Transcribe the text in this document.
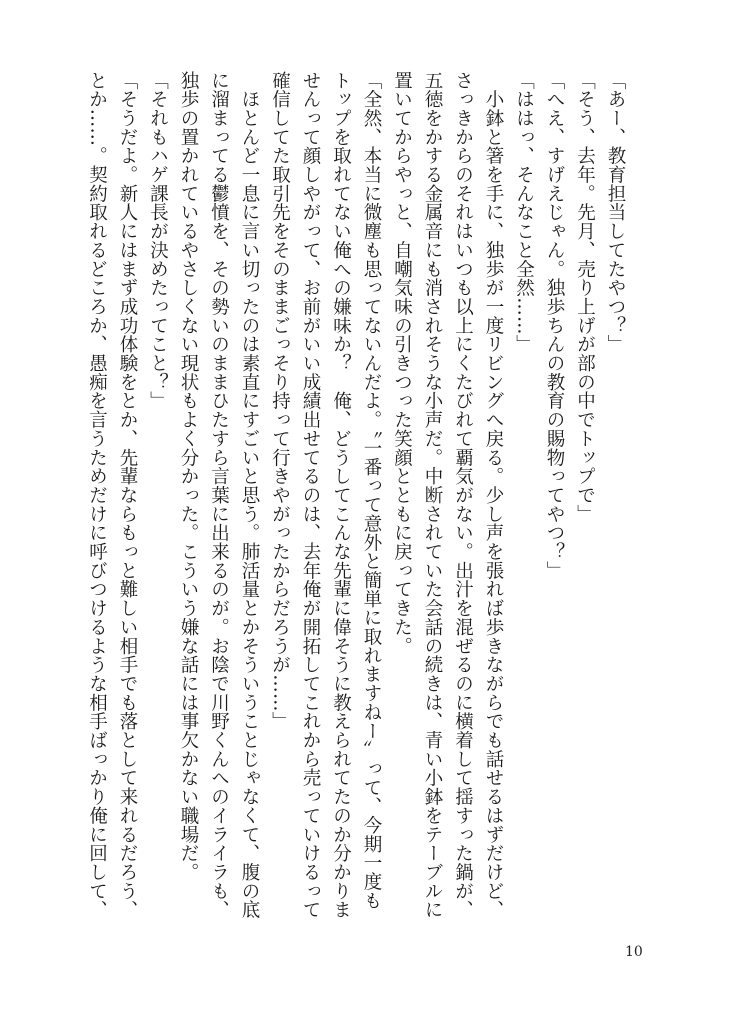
「あー、教育担当してたやつ？」
「そう、去年。先月、売り上げが部の中でトップで」
「へえ、すげえじゃん。独歩ちんの教育の賜物ってやつ？」
「ははっ、そんなこと全然……」
　小鉢と箸を手に、独歩が一度リビングへ戻る。少し声を張れば歩きながらでも話せるはずだけど、
さっきからのそれはいつも以上にくたびれて覇気がない。出汁を混ぜるのに横着して揺すった鍋が、
五徳をかする金属音にも消されそうな小声だ。中断されていた会話の続きは、青い小鉢をテーブルに
置いてからやっと、自嘲気味の引きつった笑顔とともに戻ってきた。
「全然、本当に微塵も思ってないんだよ。〝一番って意外と簡単に取れますねー〟って、今期一度も
トップを取れてない俺への嫌味か？　俺、どうしてこんな先輩に偉そうに教えられてたのか分かりま
せんって顔しやがって、お前がいい成績出せてるのは、去年俺が開拓してこれから売っていけるって
確信してた取引先をそのままごっそり持って行きやがったからだろうが……」
　ほとんど一息に言い切ったのは素直にすごいと思う。肺活量とかそういうことじゃなくて、腹の底
に溜まってる鬱憤を、その勢いのままひたすら言葉に出来るのが。お陰で川野くんへのイライラも、
独歩の置かれているやさしくない現状もよく分かった。こういう嫌な話には事欠かない職場だ。
「それもハゲ課長が決めたってこと？」
「そうだよ。新人にはまず成功体験をとか、先輩ならもっと難しい相手でも落として来れるだろう、
とか……。契約取れるどころか、愚痴を言うためだけに呼びつけるような相手ばっかり俺に回して、
10
